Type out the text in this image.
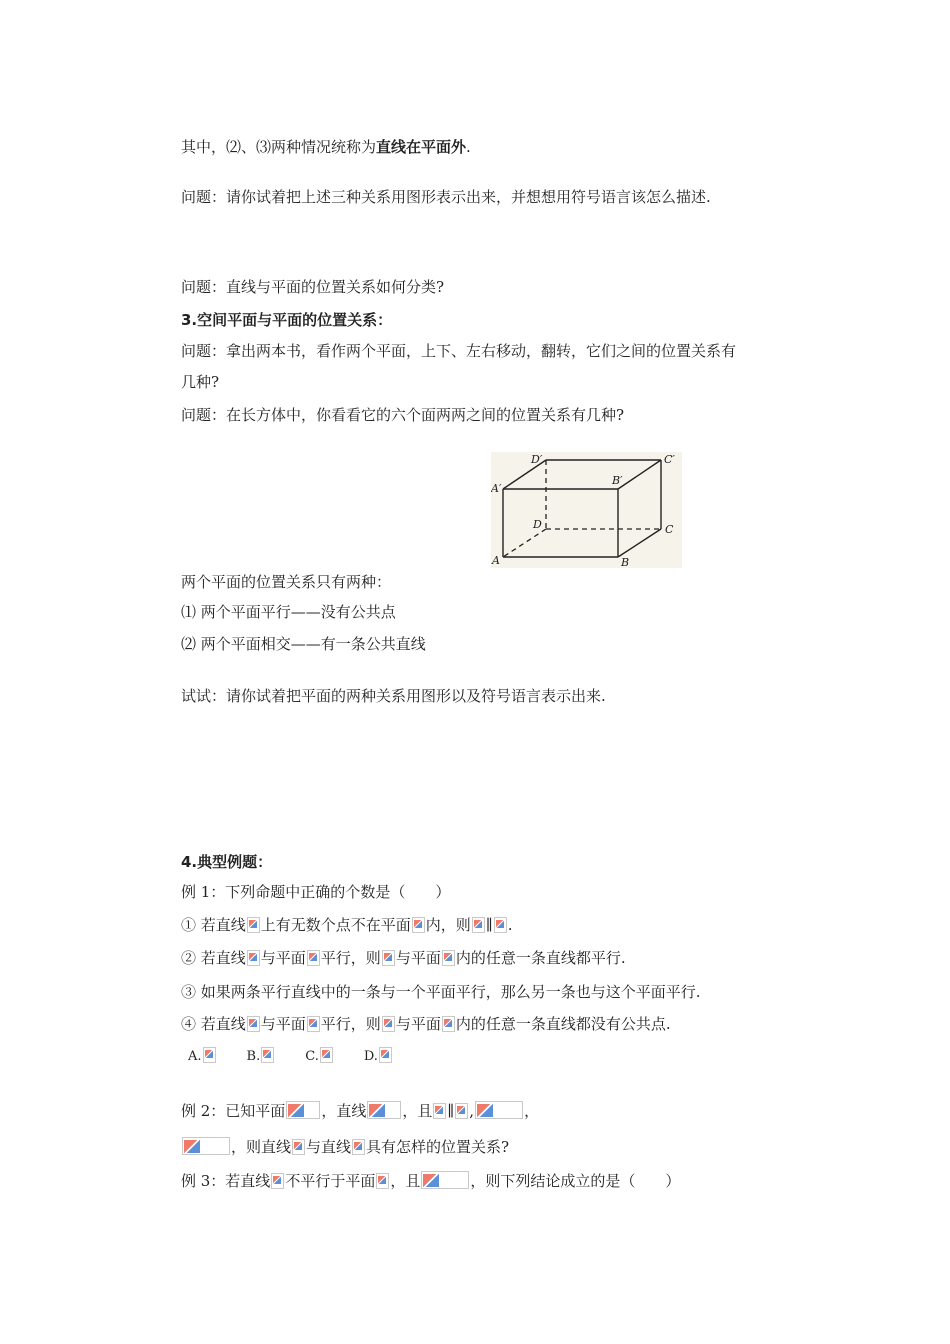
其中，⑵、⑶两种情况统称为直线在平面外.
问题：请你试着把上述三种关系用图形表示出来，并想想用符号语言该怎么描述.
问题：直线与平面的位置关系如何分类?
3.空间平面与平面的位置关系：
问题：拿出两本书，看作两个平面，上下、左右移动，翻转，它们之间的位置关系有
几种?
问题：在长方体中，你看看它的六个面两两之间的位置关系有几种?
D′	C′
A′
B′
D	C
A	B
两个平面的位置关系只有两种：
⑴ 两个平面平行——没有公共点
⑵ 两个平面相交——有一条公共直线
试试：请你试着把平面的两种关系用图形以及符号语言表示出来.
4.典型例题：
例 1：下列命题中正确的个数是（　　）
① 若直线 上有无数个点不在平面 内，则 ∥ .
② 若直线 与平面 平行，则 与平面 内的任意一条直线都平行.
③ 如果两条平行直线中的一条与一个平面平行，那么另一条也与这个平面平行.
④ 若直线 与平面 平行，则 与平面 内的任意一条直线都没有公共点.
A.	B.	C.	D.
例 2：已知平面 ，直线 ，且 ∥ ,	，
，则直线 与直线 具有怎样的位置关系?
例 3：若直线 不平行于平面 ，且	，则下列结论成立的是（　　）
